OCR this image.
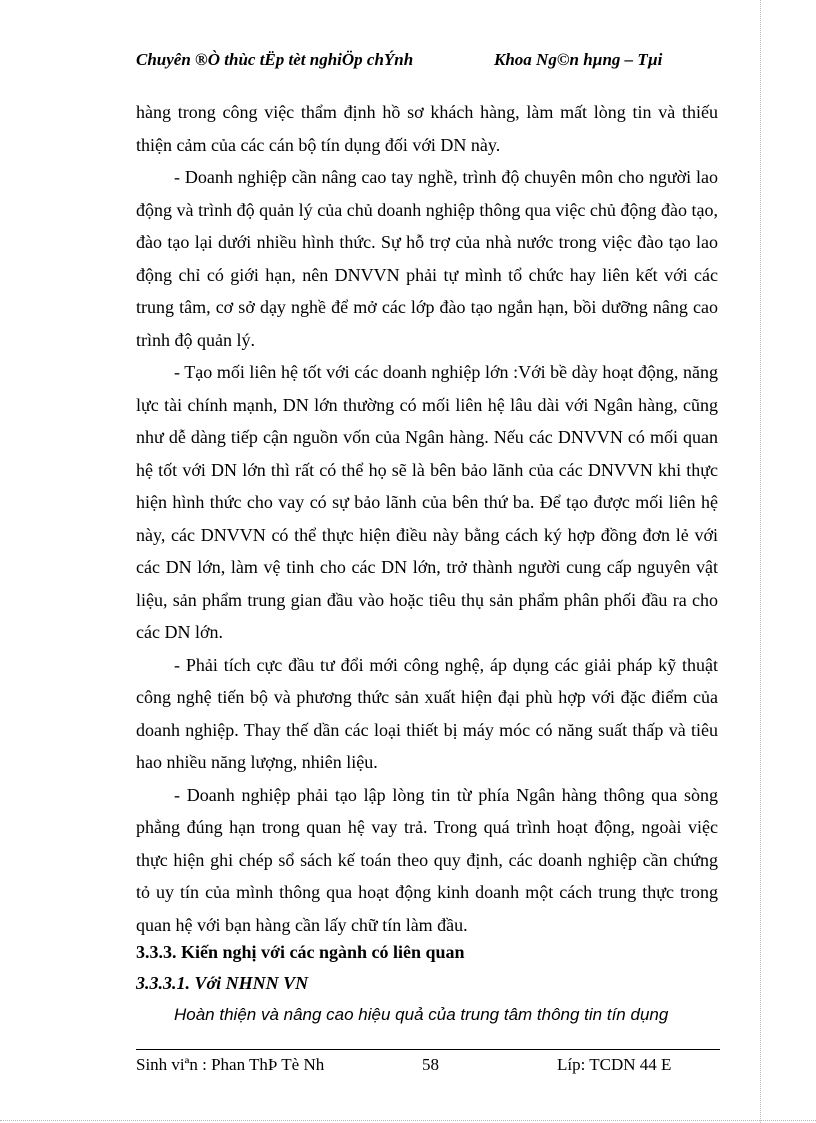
Chuyên ®Ò thùc tËp tèt nghiÖp chÝnh	Khoa Ng©n hµng – Tµi

hàng trong công việc thẩm định hồ sơ khách hàng, làm mất lòng tin và thiếu thiện cảm của các cán bộ tín dụng đối với DN này.

- Doanh nghiệp cần nâng cao tay nghề, trình độ chuyên môn cho người lao động và trình độ quản lý của chủ doanh nghiệp thông qua việc chủ động đào tạo, đào tạo lại dưới nhiều hình thức. Sự hỗ trợ của nhà nước trong việc đào tạo lao động chỉ có giới hạn, nên DNVVN phải tự mình tổ chức hay liên kết với các trung tâm, cơ sở dạy nghề để mở các lớp đào tạo ngắn hạn, bồi dưỡng nâng cao trình độ quản lý.

- Tạo mối liên hệ tốt với các doanh nghiệp lớn :Với bề dày hoạt động, năng lực tài chính mạnh, DN lớn thường có mối liên hệ lâu dài với Ngân hàng, cũng như dễ dàng tiếp cận nguồn vốn của Ngân hàng. Nếu các DNVVN có mối quan hệ tốt với DN lớn thì rất có thể họ sẽ là bên bảo lãnh của các DNVVN khi thực hiện hình thức cho vay có sự bảo lãnh của bên thứ ba. Để tạo được mối liên hệ này, các DNVVN có thể thực hiện điều này bằng cách ký hợp đồng đơn lẻ với các DN lớn, làm vệ tinh cho các DN lớn, trở thành người cung cấp nguyên vật liệu, sản phẩm trung gian đầu vào hoặc tiêu thụ sản phẩm phân phối đầu ra cho các DN lớn.

- Phải tích cực đầu tư đổi mới công nghệ, áp dụng các giải pháp kỹ thuật công nghệ tiến bộ và phương thức sản xuất hiện đại phù hợp với đặc điểm của doanh nghiệp. Thay thế dần các loại thiết bị máy móc có năng suất thấp và tiêu hao nhiều năng lượng, nhiên liệu.

- Doanh nghiệp phải tạo lập lòng tin từ phía Ngân hàng thông qua sòng phẳng đúng hạn trong quan hệ vay trả. Trong quá trình hoạt động, ngoài việc thực hiện ghi chép sổ sách kế toán theo quy định, các doanh nghiệp cần chứng tỏ uy tín của mình thông qua hoạt động kinh doanh một cách trung thực trong quan hệ với bạn hàng cần lấy chữ tín làm đầu.

3.3.3. Kiến nghị với các ngành có liên quan
3.3.3.1. Với NHNN VN
Hoàn thiện và nâng cao hiệu quả của trung tâm thông tin tín dụng
Sinh viªn : Phan ThÞ Tè Nh	58	Líp: TCDN 44 E
